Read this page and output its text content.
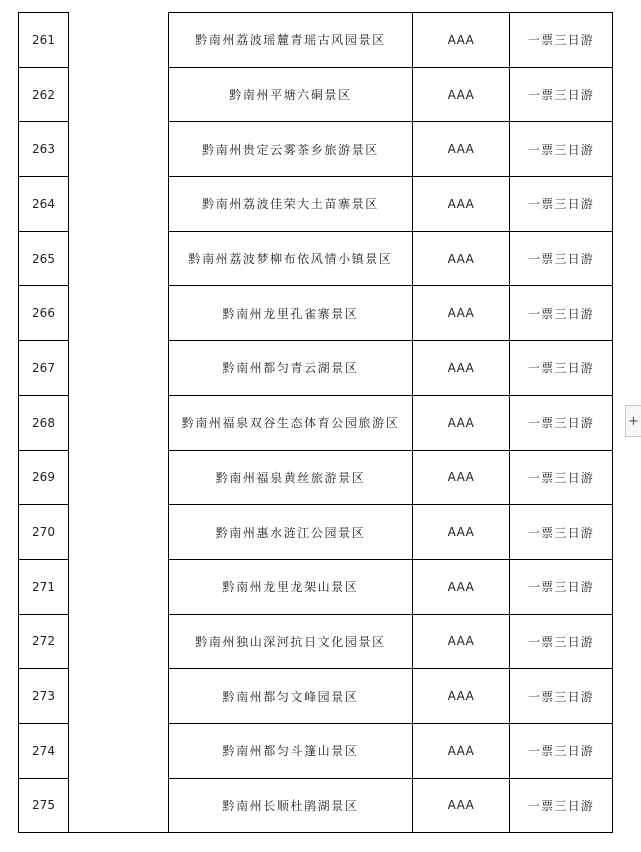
261		黔南州荔波瑶麓青瑶古风园景区	AAA	一票三日游
262		黔南州平塘六硐景区	AAA	一票三日游
263		黔南州贵定云雾茶乡旅游景区	AAA	一票三日游
264		黔南州荔波佳荣大土苗寨景区	AAA	一票三日游
265		黔南州荔波梦柳布依风情小镇景区	AAA	一票三日游
266		黔南州龙里孔雀寨景区	AAA	一票三日游
267		黔南州都匀青云湖景区	AAA	一票三日游
268		黔南州福泉双谷生态体育公园旅游区	AAA	一票三日游
269		黔南州福泉黄丝旅游景区	AAA	一票三日游
270		黔南州惠水涟江公园景区	AAA	一票三日游
271		黔南州龙里龙架山景区	AAA	一票三日游
272		黔南州独山深河抗日文化园景区	AAA	一票三日游
273		黔南州都匀文峰园景区	AAA	一票三日游
274		黔南州都匀斗篷山景区	AAA	一票三日游
275		黔南州长顺杜鹃湖景区	AAA	一票三日游
+
